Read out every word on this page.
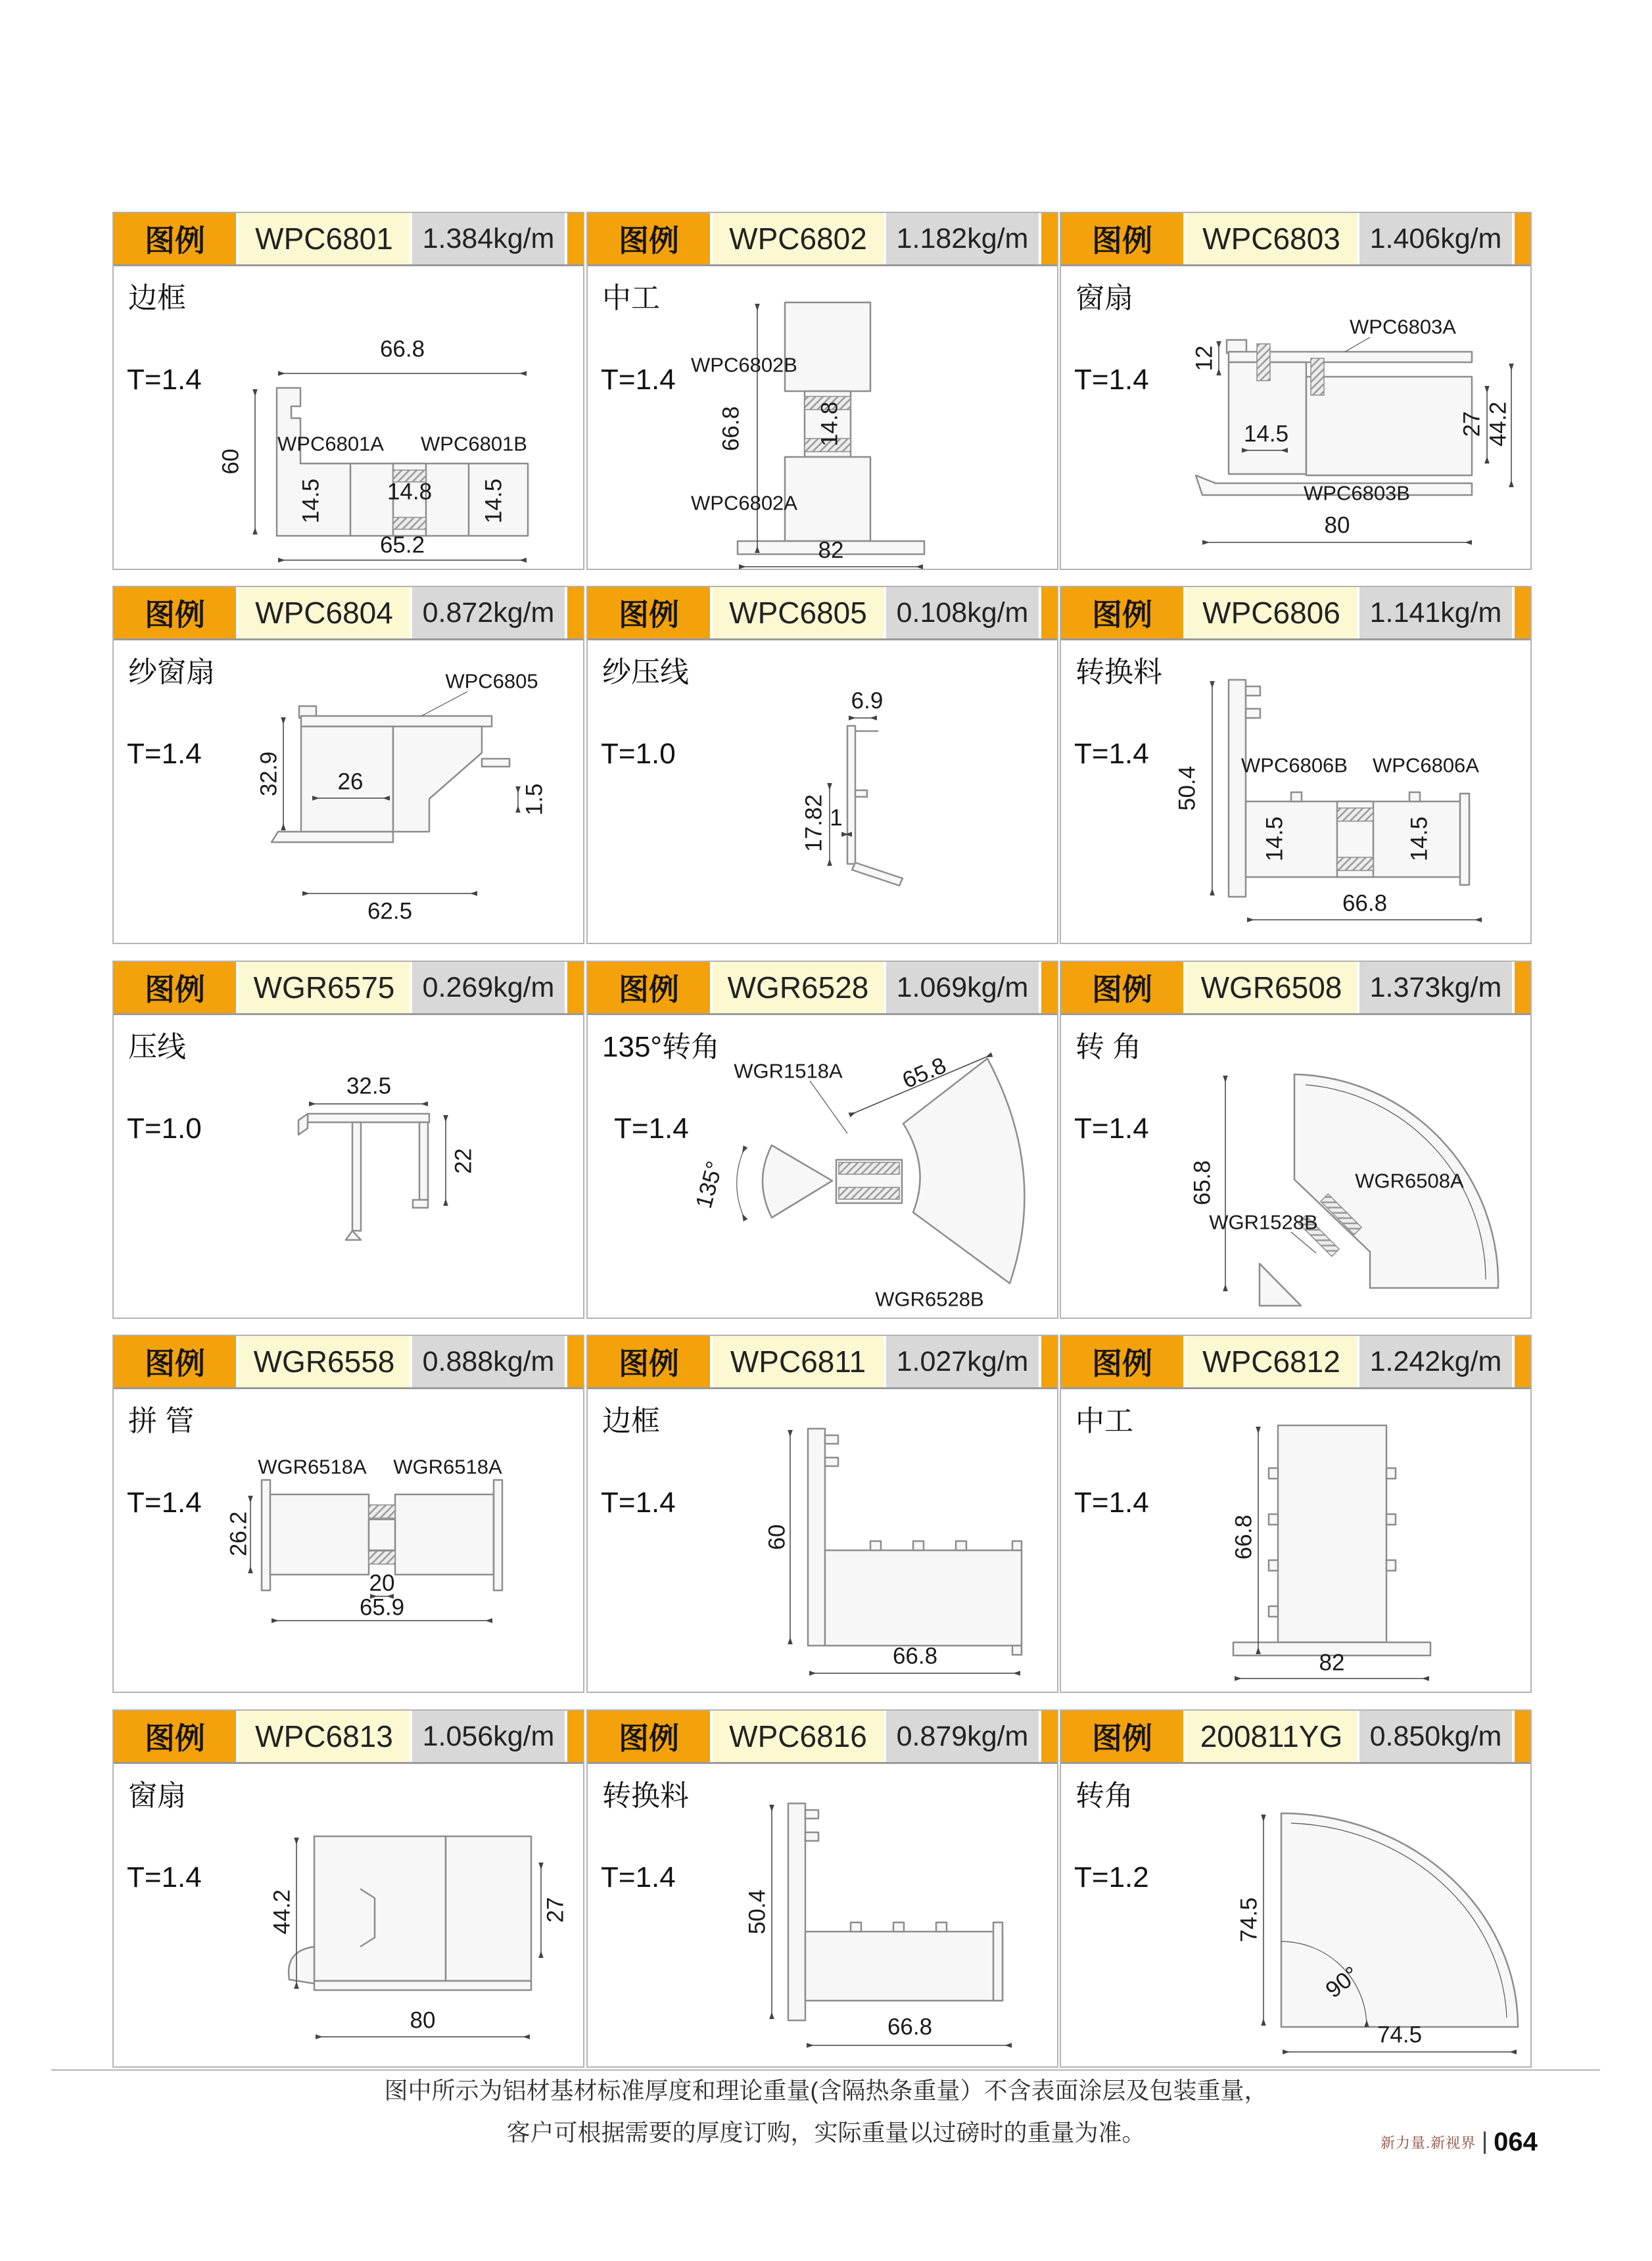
图例	WPC6801	1.384kg/m
边框
T=1.4
66.8
60
WPC6801A WPC6801B
14.5	14.8 14.5
65.2
图例	WPC6802	1.182kg/m
中工
T=1.4
66.8
WPC6802B
WPC6802A
14.8
82
图例	WPC6803	1.406kg/m
窗扇
T=1.4
WPC6803A
12
14.5	27 44.2
WPC6803B
80
图例	WPC6804	0.872kg/m
纱窗扇
T=1.4
WPC6805
32.9 26
1.5
62.5
图例	WPC6805	0.108kg/m
纱压线
T=1.0
6.9
17.82 1
图例	WPC6806	1.141kg/m
转换料
T=1.4
50.4
WPC6806B WPC6806A
14.5	14.5
66.8
图例	WGR6575 0.269kg/m
压线
T=1.0
32.5
22
图例	WGR6528 1.069kg/m
135°转角
T=1.4
WGR1518A 65.8
135°
WGR6528B
图例	WGR6508 1.373kg/m
转 角
T=1.4
65.8	WGR6508A
WGR1528B
图例	WGR6558 0.888kg/m
拼 管
T=1.4
WGR6518A WGR6518A
26.2
20
65.9
图例	WPC6811	1.027kg/m
边框
T=1.4
60
66.8
图例	WPC6812	1.242kg/m
中工
T=1.4
66.8
82
图例	WPC6813	1.056kg/m
窗扇
T=1.4
44.2	27
80
图例	WPC6816	0.879kg/m
转换料
T=1.4
50.4
66.8
图例	200811YG 0.850kg/m
转角
T=1.2
74.5
90°
74.5
图中所示为铝材基材标准厚度和理论重量(含隔热条重量）不含表面涂层及包装重量，
客户可根据需要的厚度订购，实际重量以过磅时的重量为准。	新力量.新视界 064
